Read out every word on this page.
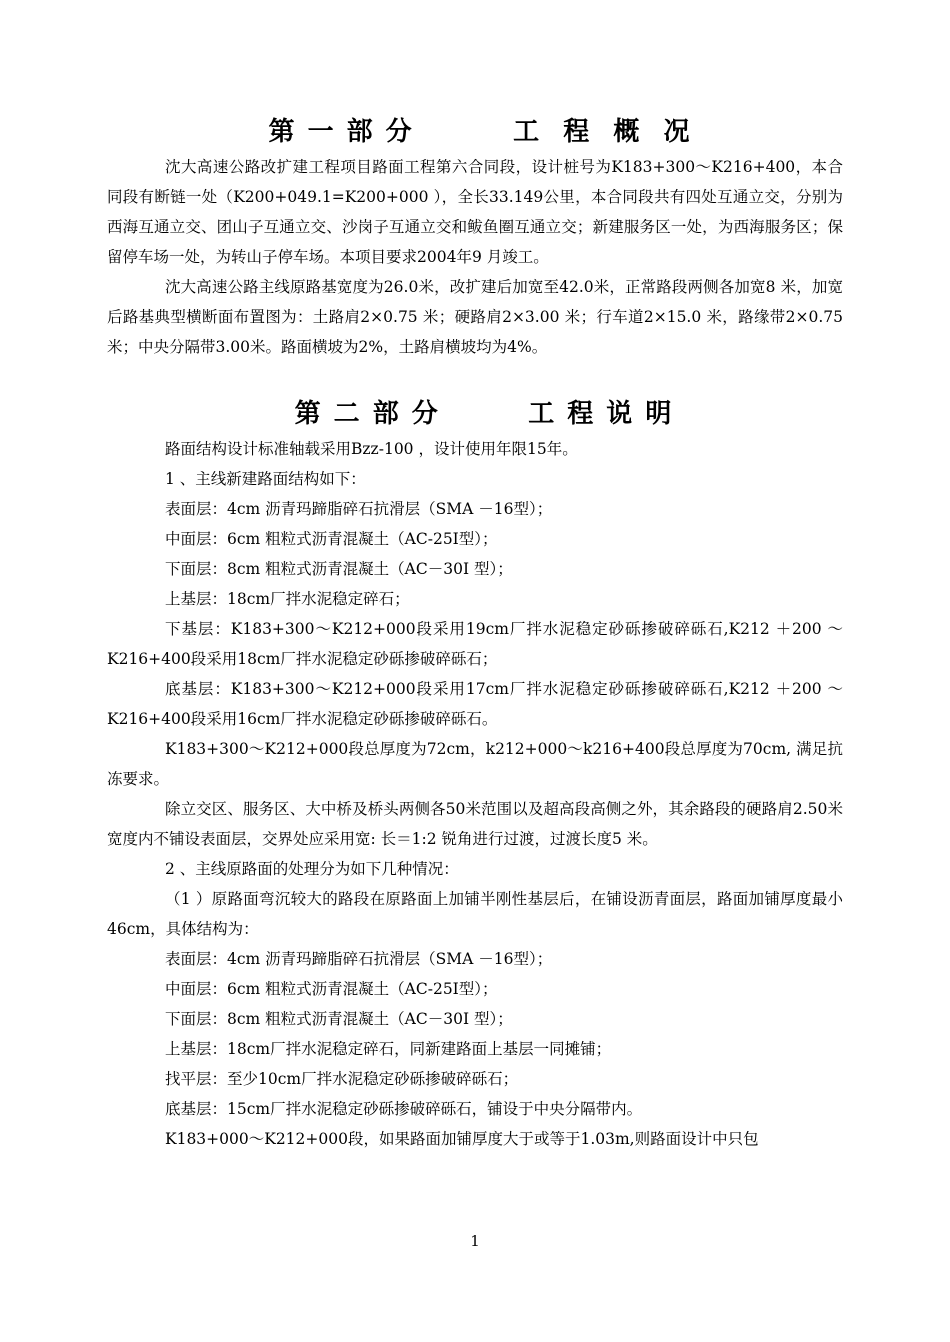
第 一 部 分         工  程  概  况

沈大高速公路改扩建工程项目路面工程第六合同段，设计桩号为K183+300～K216+400，本合同段有断链一处（K200+049.1=K200+000 ），全长33.149公里，本合同段共有四处互通立交，分别为西海互通立交、团山子互通立交、沙岗子互通立交和鲅鱼圈互通立交；新建服务区一处，为西海服务区；保留停车场一处，为转山子停车场。本项目要求2004年9 月竣工。

沈大高速公路主线原路基宽度为26.0米，改扩建后加宽至42.0米，正常路段两侧各加宽8 米，加宽后路基典型横断面布置图为：土路肩2×0.75 米；硬路肩2×3.00 米；行车道2×15.0 米，路缘带2×0.75 米；中央分隔带3.00米。路面横坡为2%，土路肩横坡均为4%。

第 二 部 分        工 程 说 明

路面结构设计标准轴载采用Bzz-100 ，设计使用年限15年。

1 、主线新建路面结构如下：

表面层：4cm 沥青玛蹄脂碎石抗滑层（SMA －16型）；

中面层：6cm 粗粒式沥青混凝土（AC-25I型）；

下面层：8cm 粗粒式沥青混凝土（AC－30I 型）；

上基层：18cm厂拌水泥稳定碎石；

下基层：K183+300～K212+000段采用19cm厂拌水泥稳定砂砾掺破碎砾石,K212 ＋200 ～K216+400段采用18cm厂拌水泥稳定砂砾掺破碎砾石；

底基层：K183+300～K212+000段采用17cm厂拌水泥稳定砂砾掺破碎砾石,K212 ＋200 ～K216+400段采用16cm厂拌水泥稳定砂砾掺破碎砾石。

K183+300～K212+000段总厚度为72cm，k212+000～k216+400段总厚度为70cm, 满足抗冻要求。

除立交区、服务区、大中桥及桥头两侧各50米范围以及超高段高侧之外，其余路段的硬路肩2.50米宽度内不铺设表面层，交界处应采用宽: 长＝1:2 锐角进行过渡，过渡长度5 米。

2 、主线原路面的处理分为如下几种情况：

（1 ）原路面弯沉较大的路段在原路面上加铺半刚性基层后，在铺设沥青面层，路面加铺厚度最小46cm，具体结构为：

表面层：4cm 沥青玛蹄脂碎石抗滑层（SMA －16型）；

中面层：6cm 粗粒式沥青混凝土（AC-25I型）；

下面层：8cm 粗粒式沥青混凝土（AC－30I 型）；

上基层：18cm厂拌水泥稳定碎石，同新建路面上基层一同摊铺；

找平层：至少10cm厂拌水泥稳定砂砾掺破碎砾石；

底基层：15cm厂拌水泥稳定砂砾掺破碎砾石，铺设于中央分隔带内。

K183+000～K212+000段，如果路面加铺厚度大于或等于1.03m,则路面设计中只包

1
